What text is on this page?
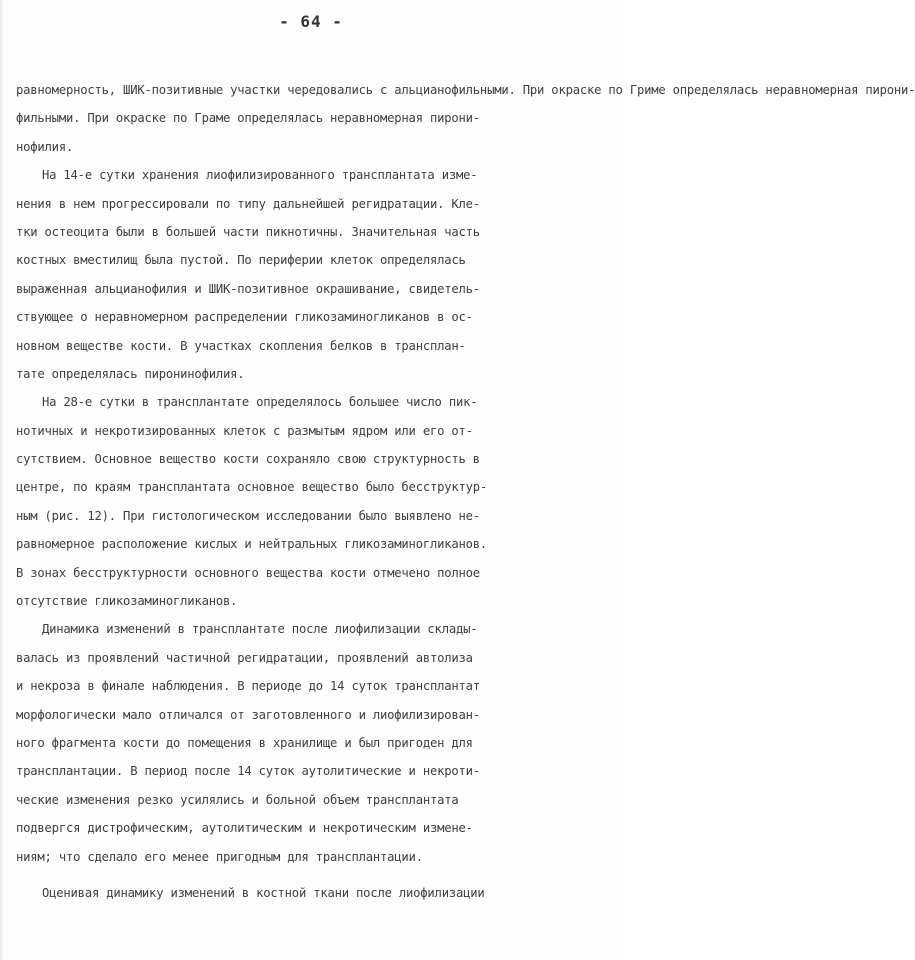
- 64 -
равномерность, ШИК-позитивные участки чередовались с альцианофильными. При окраске по Гриме определялась неравномерная пирони-
фильными. При окраске по Граме определялась неравномерная пирони-
нофилия.
На 14-е сутки хранения лиофилизированного трансплантата изме-
нения в нем прогрессировали по типу дальнейшей регидратации. Кле-
тки остеоцита были в большей части пикнотичны. Значительная часть
костных вместилищ была пустой. По периферии клеток определялась
выраженная альцианофилия и ШИК-позитивное окрашивание, свидетель-
ствующее о неравномерном распределении гликозаминогликанов в ос-
новном веществе кости. В участках скопления белков в трансплан-
тате определялась пиронинофилия.
На 28-е сутки в трансплантате определялось большее число пик-
нотичных и некротизированных клеток с размытым ядром или его от-
сутствием. Основное вещество кости сохраняло свою структурность в
центре, по краям трансплантата основное вещество было бесструктур-
ным (рис. 12). При гистологическом исследовании было выявлено не-
равномерное расположение кислых и нейтральных гликозаминогликанов.
В зонах бесструктурности основного вещества кости отмечено полное
отсутствие гликозаминогликанов.
Динамика изменений в трансплантате после лиофилизации склады-
валась из проявлений частичной регидратации, проявлений автолиза
и некроза в финале наблюдения. В периоде до 14 суток трансплантат
морфологически мало отличался от заготовленного и лиофилизирован-
ного фрагмента кости до помещения в хранилище и был пригоден для
трансплантации. В период после 14 суток аутолитические и некроти-
ческие изменения резко усилялись и больной объем трансплантата
подвергся дистрофическим, аутолитическим и некротическим измене-
ниям; что сделало его менее пригодным для трансплантации.
Оценивая динамику изменений в костной ткани после лиофилизации
